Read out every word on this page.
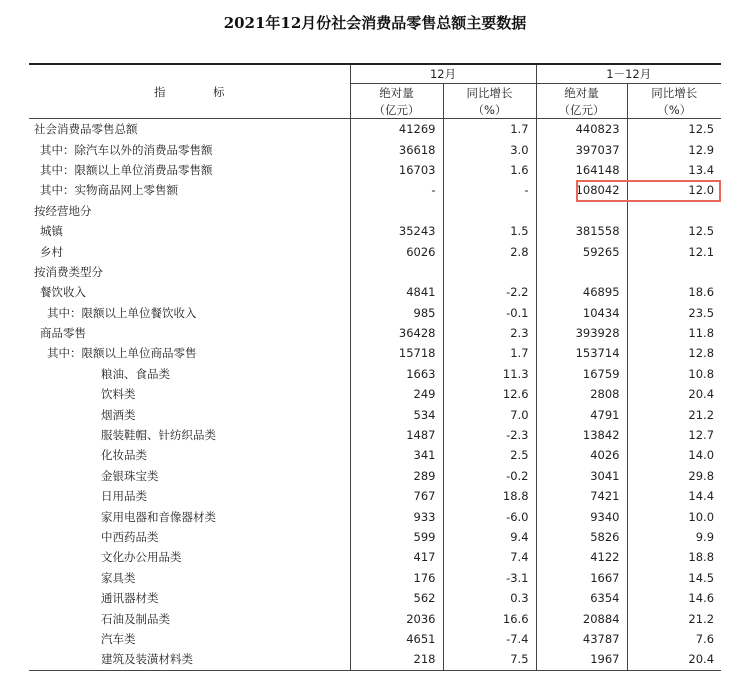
2021年12月份社会消费品零售总额主要数据
指　标	12月		1－12月	
	绝对量	同比增长	绝对量	同比增长
	（亿元）	（%）	（亿元）	（%）
社会消费品零售总额	41269	1.7	440823	12.5
其中：除汽车以外的消费品零售额	36618	3.0	397037	12.9
其中：限额以上单位消费品零售额	16703	1.6	164148	13.4
其中：实物商品网上零售额	-	-	108042	12.0
按经营地分				
城镇	35243	1.5	381558	12.5
乡村	6026	2.8	59265	12.1
按消费类型分				
餐饮收入	4841	-2.2	46895	18.6
其中：限额以上单位餐饮收入	985	-0.1	10434	23.5
商品零售	36428	2.3	393928	11.8
其中：限额以上单位商品零售	15718	1.7	153714	12.8
粮油、食品类	1663	11.3	16759	10.8
饮料类	249	12.6	2808	20.4
烟酒类	534	7.0	4791	21.2
服装鞋帽、针纺织品类	1487	-2.3	13842	12.7
化妆品类	341	2.5	4026	14.0
金银珠宝类	289	-0.2	3041	29.8
日用品类	767	18.8	7421	14.4
家用电器和音像器材类	933	-6.0	9340	10.0
中西药品类	599	9.4	5826	9.9
文化办公用品类	417	7.4	4122	18.8
家具类	176	-3.1	1667	14.5
通讯器材类	562	0.3	6354	14.6
石油及制品类	2036	16.6	20884	21.2
汽车类	4651	-7.4	43787	7.6
建筑及装潢材料类	218	7.5	1967	20.4
